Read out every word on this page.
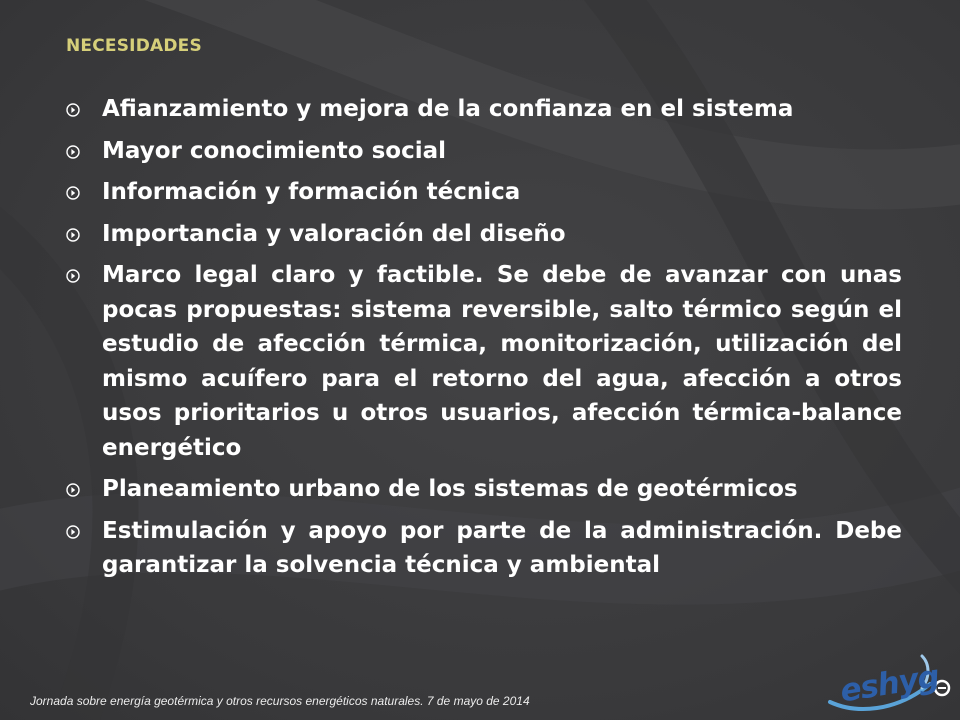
NECESIDADES
Afianzamiento y mejora de la confianza en el sistema
Mayor conocimiento social
Información y formación técnica
Importancia y valoración del diseño
Marco legal claro y factible. Se debe de avanzar con unas pocas propuestas: sistema reversible, salto térmico según el estudio de afección térmica, monitorización, utilización del mismo acuífero para el retorno del agua, afección a otros usos prioritarios u otros usuarios, afección térmica-balance energético
Planeamiento urbano de los sistemas de geotérmicos
Estimulación y apoyo por parte de la administración. Debe garantizar la solvencia técnica y ambiental
Jornada sobre energía geotérmica y otros recursos energéticos naturales. 7 de mayo de 2014	eshyg
